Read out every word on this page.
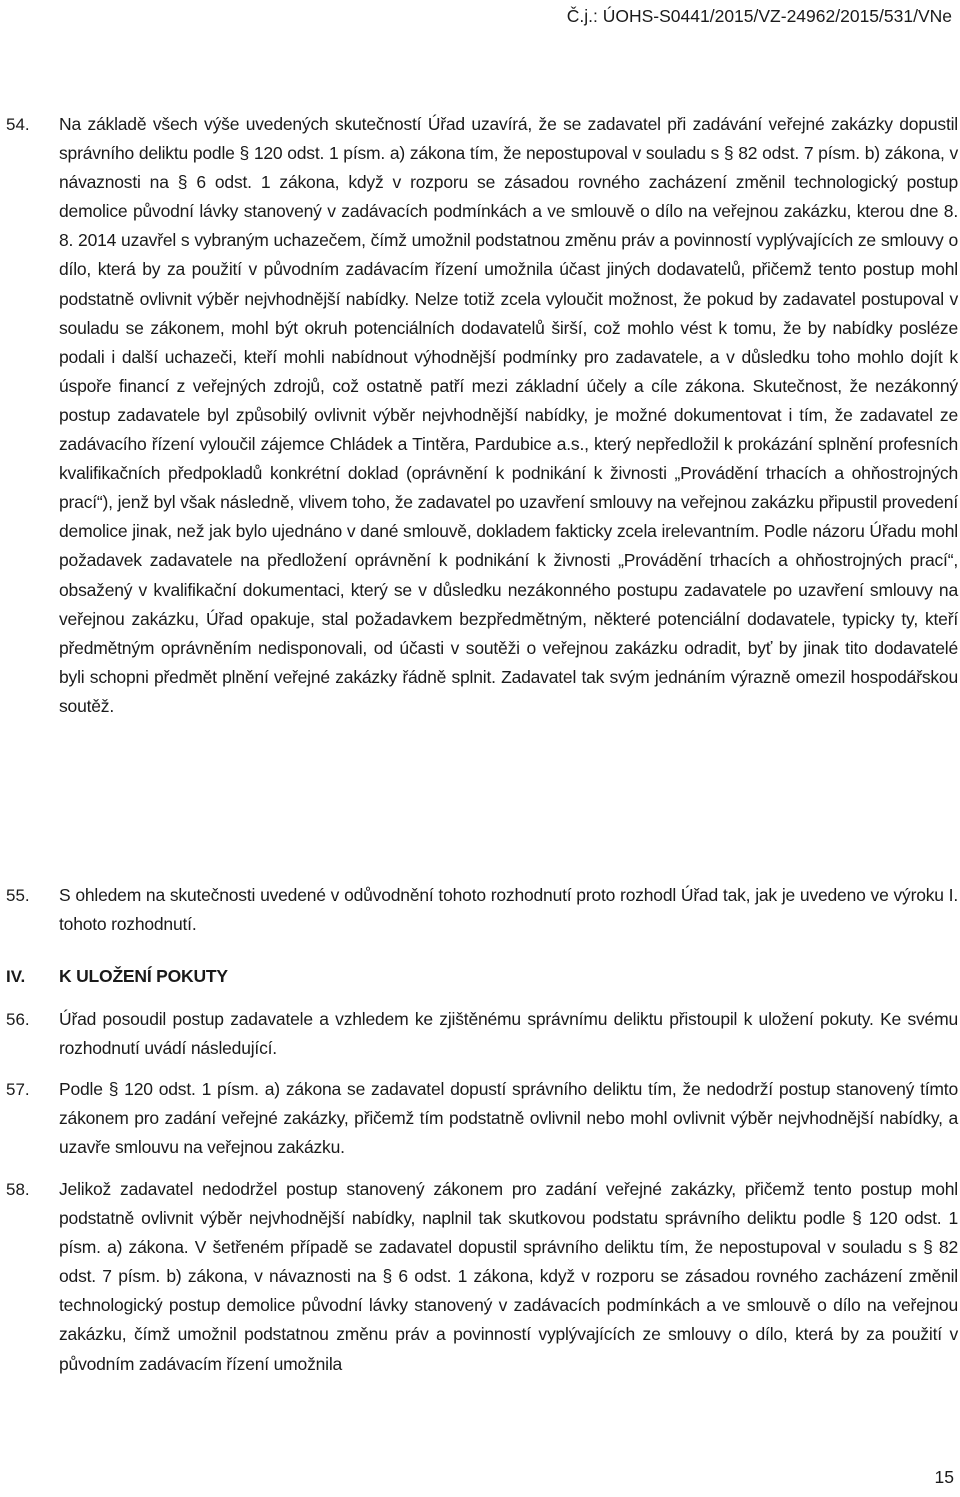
Č.j.: ÚOHS-S0441/2015/VZ-24962/2015/531/VNe
54. Na základě všech výše uvedených skutečností Úřad uzavírá, že se zadavatel při zadávání veřejné zakázky dopustil správního deliktu podle § 120 odst. 1 písm. a) zákona tím, že nepostupoval v souladu s § 82 odst. 7 písm. b) zákona, v návaznosti na § 6 odst. 1 zákona, když v rozporu se zásadou rovného zacházení změnil technologický postup demolice původní lávky stanovený v zadávacích podmínkách a ve smlouvě o dílo na veřejnou zakázku, kterou dne 8. 8. 2014 uzavřel s vybraným uchazečem, čímž umožnil podstatnou změnu práv a povinností vyplývajících ze smlouvy o dílo, která by za použití v původním zadávacím řízení umožnila účast jiných dodavatelů, přičemž tento postup mohl podstatně ovlivnit výběr nejvhodnější nabídky. Nelze totiž zcela vyloučit možnost, že pokud by zadavatel postupoval v souladu se zákonem, mohl být okruh potenciálních dodavatelů širší, což mohlo vést k tomu, že by nabídky posléze podali i další uchazeči, kteří mohli nabídnout výhodnější podmínky pro zadavatele, a v důsledku toho mohlo dojít k úspoře financí z veřejných zdrojů, což ostatně patří mezi základní účely a cíle zákona. Skutečnost, že nezákonný postup zadavatele byl způsobilý ovlivnit výběr nejvhodnější nabídky, je možné dokumentovat i tím, že zadavatel ze zadávacího řízení vyloučil zájemce Chládek a Tintěra, Pardubice a.s., který nepředložil k prokázání splnění profesních kvalifikačních předpokladů konkrétní doklad (oprávnění k podnikání k živnosti „Provádění trhacích a ohňostrojných prací“), jenž byl však následně, vlivem toho, že zadavatel po uzavření smlouvy na veřejnou zakázku připustil provedení demolice jinak, než jak bylo ujednáno v dané smlouvě, dokladem fakticky zcela irelevantním. Podle názoru Úřadu mohl požadavek zadavatele na předložení oprávnění k podnikání k živnosti „Provádění trhacích a ohňostrojných prací“, obsažený v kvalifikační dokumentaci, který se v důsledku nezákonného postupu zadavatele po uzavření smlouvy na veřejnou zakázku, Úřad opakuje, stal požadavkem bezpředmětným, některé potenciální dodavatele, typicky ty, kteří předmětným oprávněním nedisponovali, od účasti v soutěži o veřejnou zakázku odradit, byť by jinak tito dodavatelé byli schopni předmět plnění veřejné zakázky řádně splnit. Zadavatel tak svým jednáním výrazně omezil hospodářskou soutěž.
55. S ohledem na skutečnosti uvedené v odůvodnění tohoto rozhodnutí proto rozhodl Úřad tak, jak je uvedeno ve výroku I. tohoto rozhodnutí.
IV. K ULOŽENÍ POKUTY
56. Úřad posoudil postup zadavatele a vzhledem ke zjištěnému správnímu deliktu přistoupil k uložení pokuty. Ke svému rozhodnutí uvádí následující.
57. Podle § 120 odst. 1 písm. a) zákona se zadavatel dopustí správního deliktu tím, že nedodrží postup stanovený tímto zákonem pro zadání veřejné zakázky, přičemž tím podstatně ovlivnil nebo mohl ovlivnit výběr nejvhodnější nabídky, a uzavře smlouvu na veřejnou zakázku.
58. Jelikož zadavatel nedodržel postup stanovený zákonem pro zadání veřejné zakázky, přičemž tento postup mohl podstatně ovlivnit výběr nejvhodnější nabídky, naplnil tak skutkovou podstatu správního deliktu podle § 120 odst. 1 písm. a) zákona. V šetřeném případě se zadavatel dopustil správního deliktu tím, že nepostupoval v souladu s § 82 odst. 7 písm. b) zákona, v návaznosti na § 6 odst. 1 zákona, když v rozporu se zásadou rovného zacházení změnil technologický postup demolice původní lávky stanovený v zadávacích podmínkách a ve smlouvě o dílo na veřejnou zakázku, čímž umožnil podstatnou změnu práv a povinností vyplývajících ze smlouvy o dílo, která by za použití v původním zadávacím řízení umožnila
15
